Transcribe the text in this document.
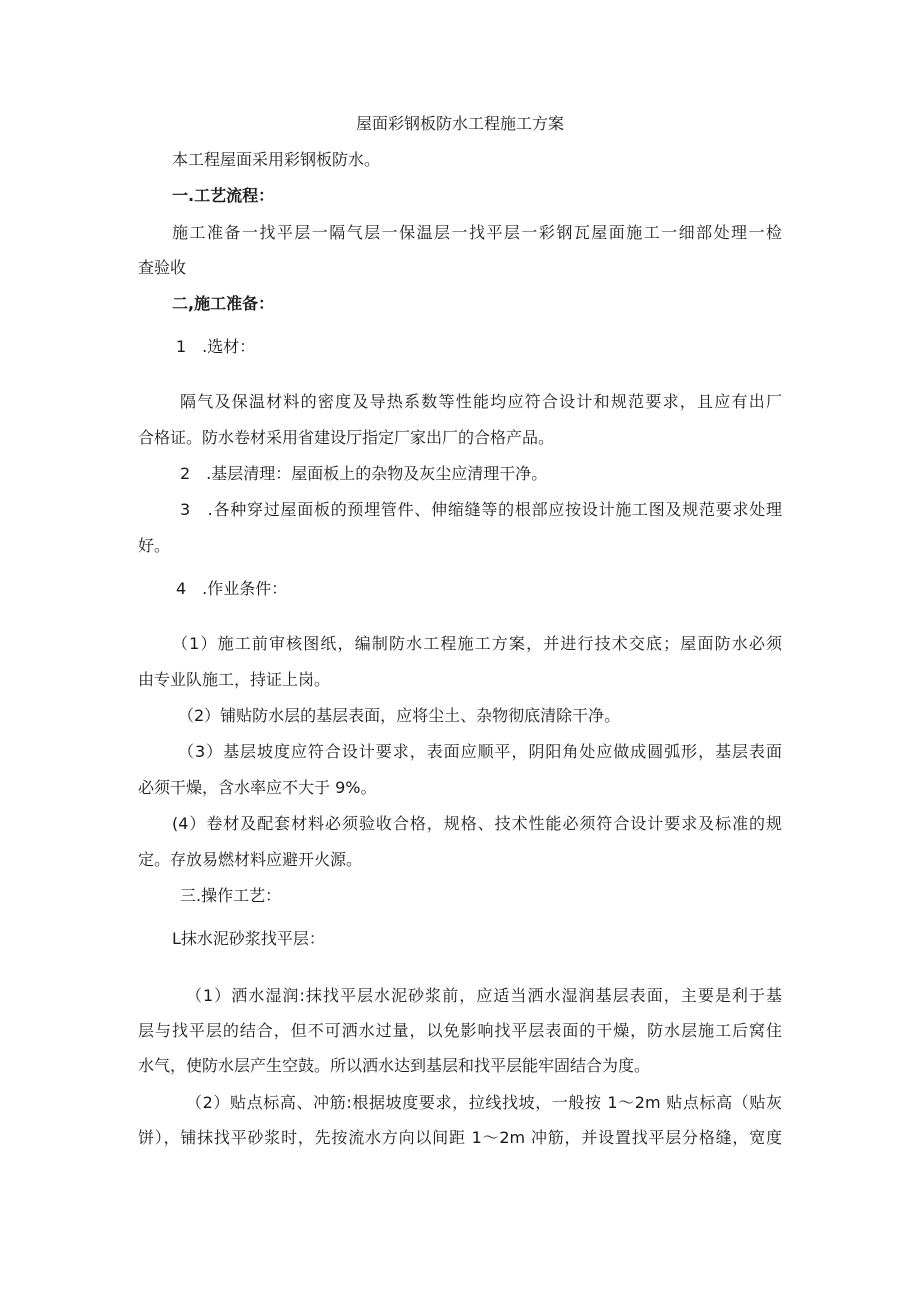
屋面彩钢板防水工程施工方案
本工程屋面采用彩钢板防水。
一.工艺流程：
施工准备一找平层一隔气层一保温层一找平层一彩钢瓦屋面施工一细部处理一检
查验收
二,施工准备：
1　.选材：
隔气及保温材料的密度及导热系数等性能均应符合设计和规范要求，且应有出厂
合格证。防水卷材采用省建设厅指定厂家出厂的合格产品。
2　.基层清理：屋面板上的杂物及灰尘应清理干净。
3　.各种穿过屋面板的预埋管件、伸缩缝等的根部应按设计施工图及规范要求处理
好。
4　.作业条件：
（1）施工前审核图纸，编制防水工程施工方案，并进行技术交底；屋面防水必须
由专业队施工，持证上岗。
（2）铺贴防水层的基层表面，应将尘土、杂物彻底清除干净。
（3）基层坡度应符合设计要求，表面应顺平，阴阳角处应做成圆弧形，基层表面
必须干燥，含水率应不大于 9%。
(4）卷材及配套材料必须验收合格，规格、技术性能必须符合设计要求及标准的规
定。存放易燃材料应避开火源。
三.操作工艺：
L抹水泥砂浆找平层：
（1）洒水湿润:抹找平层水泥砂浆前，应适当洒水湿润基层表面，主要是利于基
层与找平层的结合，但不可洒水过量，以免影响找平层表面的干燥，防水层施工后窝住
水气，使防水层产生空鼓。所以洒水达到基层和找平层能牢固结合为度。
（2）贴点标高、冲筋:根据坡度要求，拉线找坡，一般按 1～2m 贴点标高（贴灰
饼），铺抹找平砂浆时，先按流水方向以间距 1～2m 冲筋，并设置找平层分格缝，宽度
